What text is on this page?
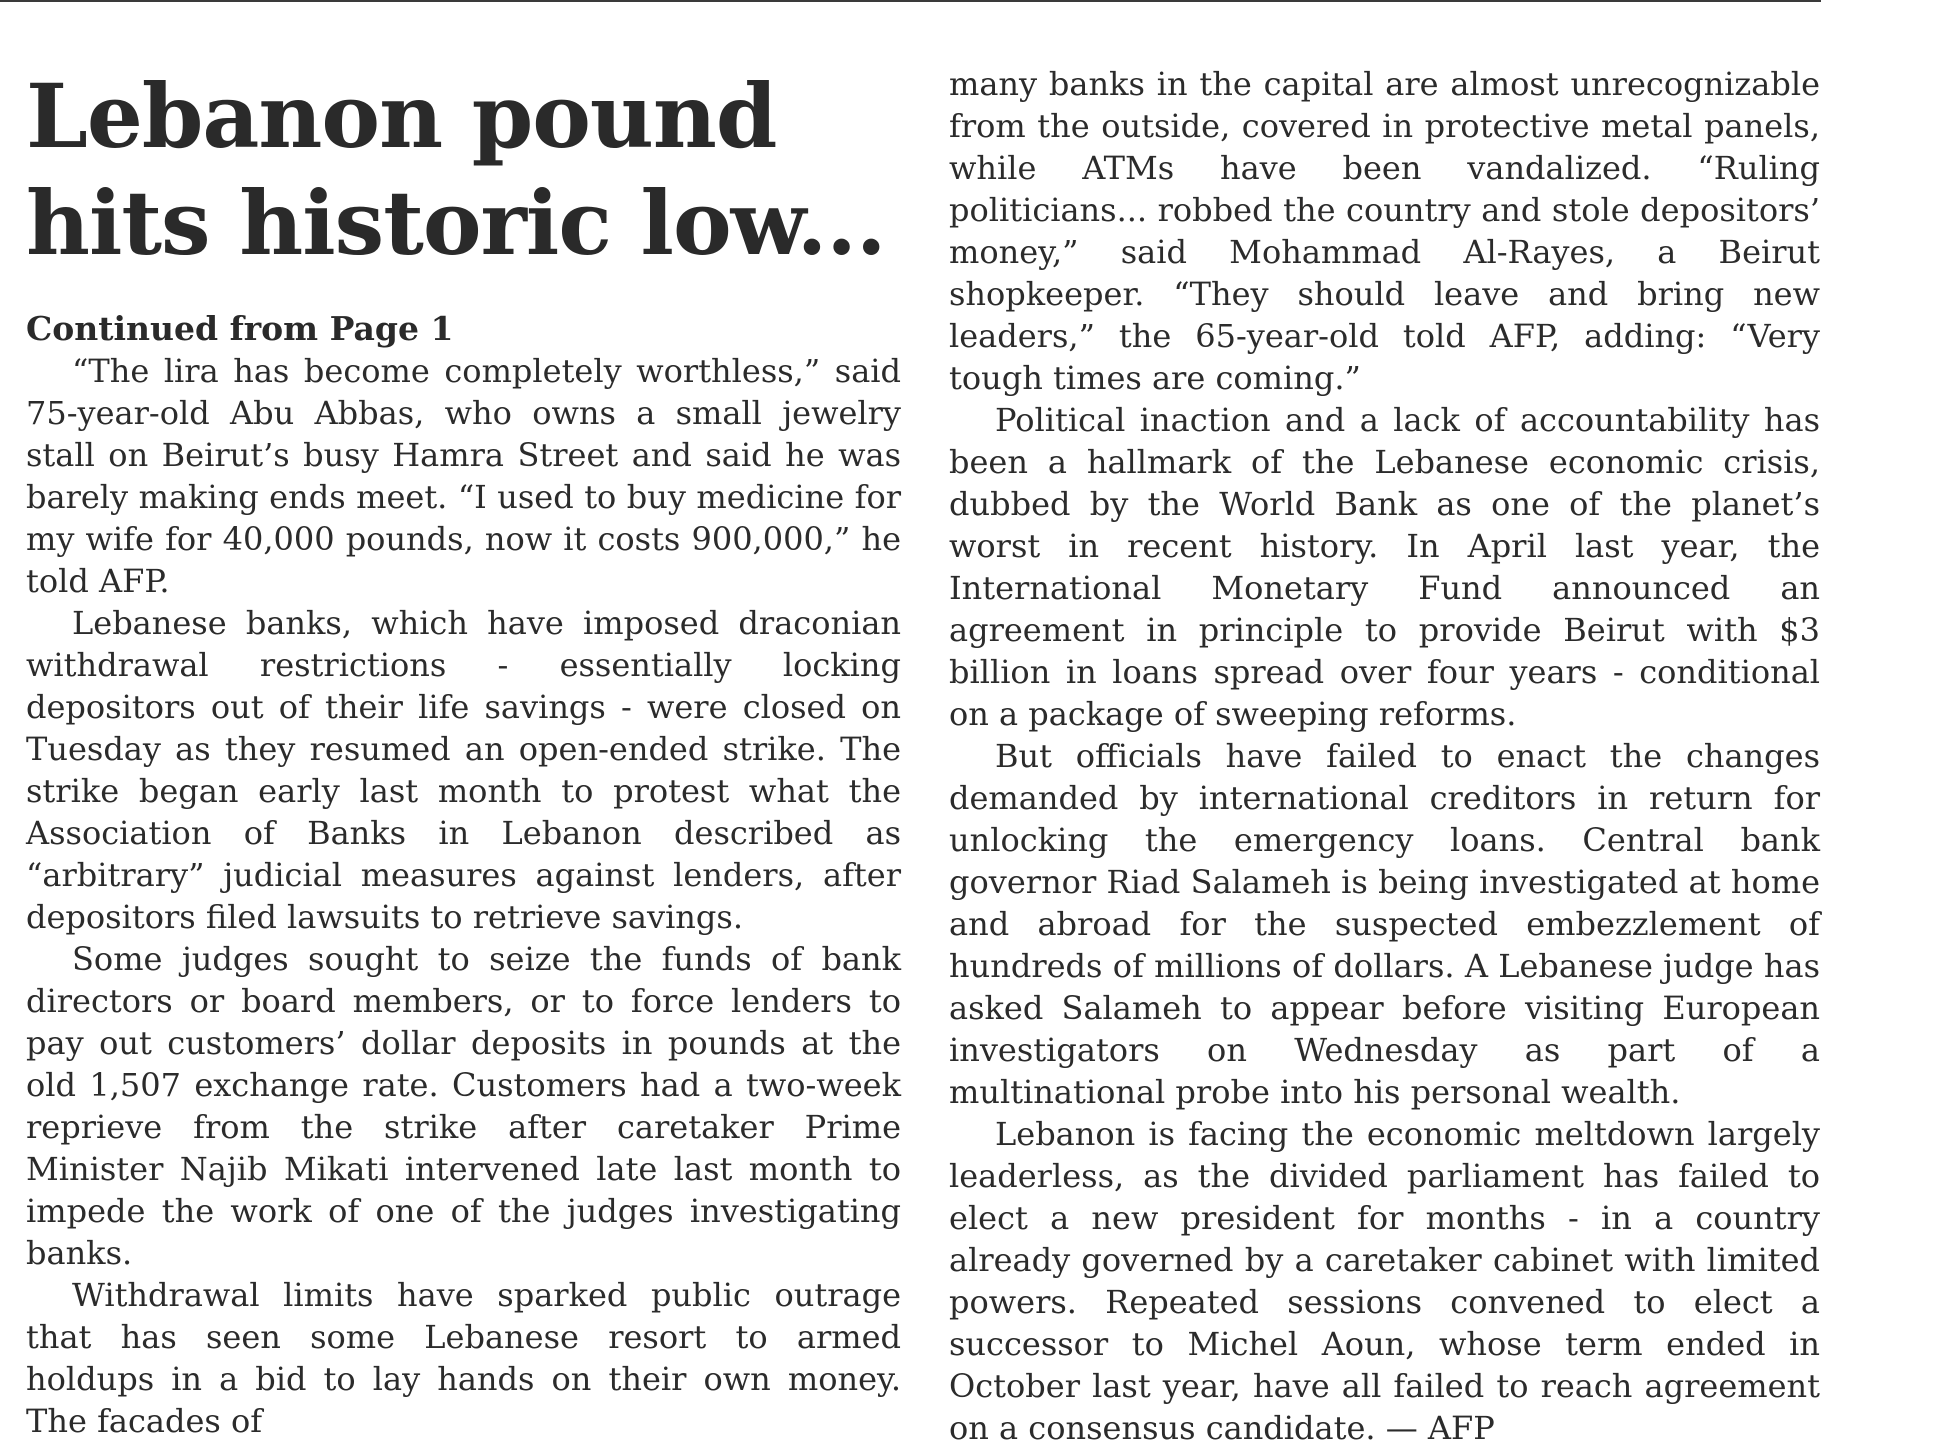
Lebanon pound hits historic low...
Continued from Page 1

“The lira has become completely worthless,” said 75-year-old Abu Abbas, who owns a small jewelry stall on Beirut’s busy Hamra Street and said he was barely making ends meet. “I used to buy medicine for my wife for 40,000 pounds, now it costs 900,000,” he told AFP.

Lebanese banks, which have imposed draconian withdrawal restrictions - essentially locking depositors out of their life savings - were closed on Tuesday as they resumed an open-ended strike. The strike began early last month to protest what the Association of Banks in Lebanon described as “arbitrary” judicial measures against lenders, after depositors filed lawsuits to retrieve savings.

Some judges sought to seize the funds of bank directors or board members, or to force lenders to pay out customers’ dollar deposits in pounds at the old 1,507 exchange rate. Customers had a two-week reprieve from the strike after caretaker Prime Minister Najib Mikati intervened late last month to impede the work of one of the judges investigating banks.

Withdrawal limits have sparked public outrage that has seen some Lebanese resort to armed holdups in a bid to lay hands on their own money. The facades of

many banks in the capital are almost unrecognizable from the outside, covered in protective metal panels, while ATMs have been vandalized. “Ruling politicians... robbed the country and stole depositors’ money,” said Mohammad Al-Rayes, a Beirut shopkeeper. “They should leave and bring new leaders,” the 65-year-old told AFP, adding: “Very tough times are coming.”

Political inaction and a lack of accountability has been a hallmark of the Lebanese economic crisis, dubbed by the World Bank as one of the planet’s worst in recent history. In April last year, the International Monetary Fund announced an agreement in principle to provide Beirut with $3 billion in loans spread over four years - conditional on a package of sweeping reforms.

But officials have failed to enact the changes demanded by international creditors in return for unlocking the emergency loans. Central bank governor Riad Salameh is being investigated at home and abroad for the suspected embezzlement of hundreds of millions of dollars. A Lebanese judge has asked Salameh to appear before visiting European investigators on Wednesday as part of a multinational probe into his personal wealth.

Lebanon is facing the economic meltdown largely leaderless, as the divided parliament has failed to elect a new president for months - in a country already governed by a caretaker cabinet with limited powers. Repeated sessions convened to elect a successor to Michel Aoun, whose term ended in October last year, have all failed to reach agreement on a consensus candidate. — AFP
